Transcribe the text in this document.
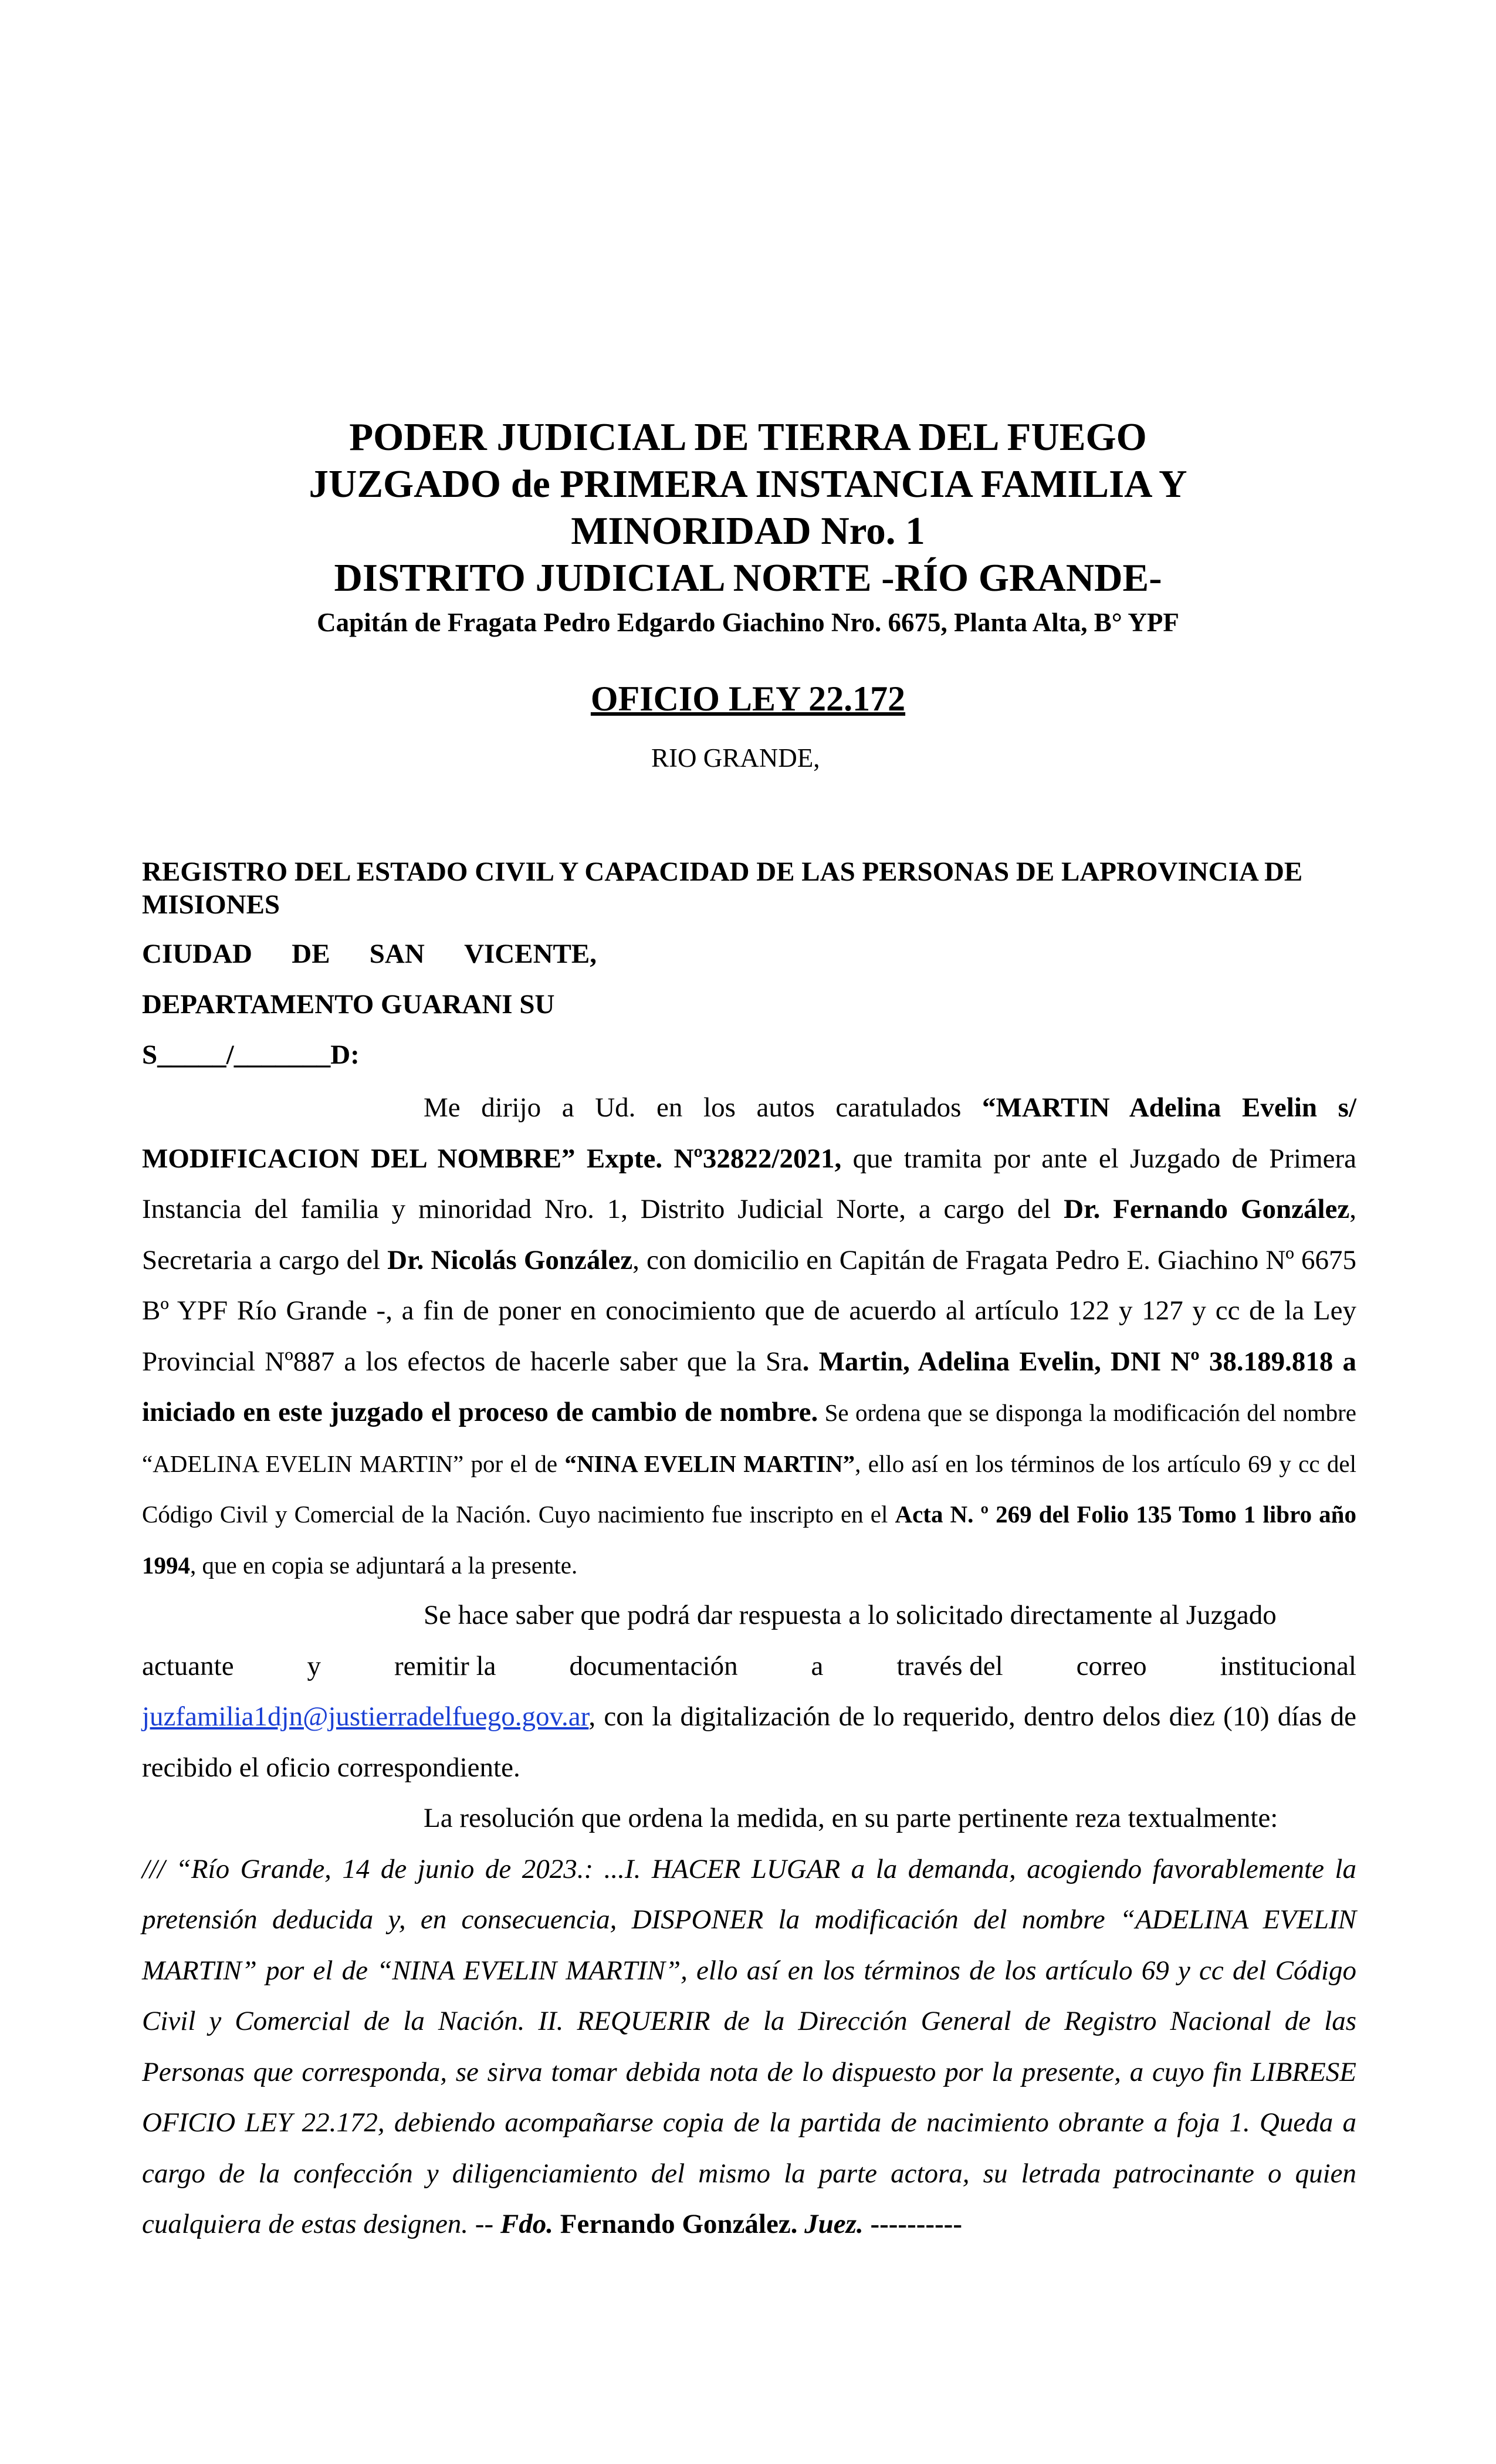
PODER JUDICIAL DE TIERRA DEL FUEGO

JUZGADO de PRIMERA INSTANCIA FAMILIA Y

MINORIDAD Nro. 1

DISTRITO JUDICIAL NORTE -RÍO GRANDE-

Capitán de Fragata Pedro Edgardo Giachino Nro. 6675, Planta Alta, B° YPF

OFICIO LEY 22.172
RIO GRANDE,
REGISTRO DEL ESTADO CIVIL Y CAPACIDAD DE LAS PERSONAS DE LAPROVINCIA DE MISIONES
CIUDAD DE SAN VICENTE,
DEPARTAMENTO GUARANI SU
S_____/_______D:

Me dirijo a Ud. en los autos caratulados “MARTIN Adelina Evelin s/ MODIFICACION DEL NOMBRE” Expte. Nº32822/2021, que tramita por ante el Juzgado de Primera Instancia del familia y minoridad Nro. 1, Distrito Judicial Norte, a cargo del Dr. Fernando González, Secretaria a cargo del Dr. Nicolás González, con domicilio en Capitán de Fragata Pedro E. Giachino Nº 6675 Bº YPF Río Grande -, a fin de poner en conocimiento que de acuerdo al artículo 122 y 127 y cc de la Ley Provincial Nº887 a los efectos de hacerle saber que la Sra. Martin, Adelina Evelin, DNI Nº 38.189.818 a iniciado en este juzgado el proceso de cambio de nombre. Se ordena que se disponga la modificación del nombre “ADELINA EVELIN MARTIN” por el de “NINA EVELIN MARTIN”, ello así en los términos de los artículo 69 y cc del Código Civil y Comercial de la Nación. Cuyo nacimiento fue inscripto en el Acta N. º 269 del Folio 135 Tomo 1 libro año 1994, que en copia se adjuntará a la presente.

Se hace saber que podrá dar respuesta a lo solicitado directamente al Juzgado

actuante	y	remitir la	documentación	a	través del	correo	institucional

juzfamilia1djn@justierradelfuego.gov.ar, con la digitalización de lo requerido, dentro delos diez (10) días de recibido el oficio correspondiente.

La resolución que ordena la medida, en su parte pertinente reza textualmente:

/// “Río Grande, 14 de junio de 2023.: ...I. HACER LUGAR a la demanda, acogiendo favorablemente la pretensión deducida y, en consecuencia, DISPONER la modificación del nombre “ADELINA EVELIN MARTIN” por el de “NINA EVELIN MARTIN”, ello así en los términos de los artículo 69 y cc del Código Civil y Comercial de la Nación. II. REQUERIR de la Dirección General de Registro Nacional de las Personas que corresponda, se sirva tomar debida nota de lo dispuesto por la presente, a cuyo fin LIBRESE OFICIO LEY 22.172, debiendo acompañarse copia de la partida de nacimiento obrante a foja 1. Queda a cargo de la confección y diligenciamiento del mismo la parte actora, su letrada patrocinante o quien cualquiera de estas designen. -- Fdo. Fernando González. Juez. ----------
